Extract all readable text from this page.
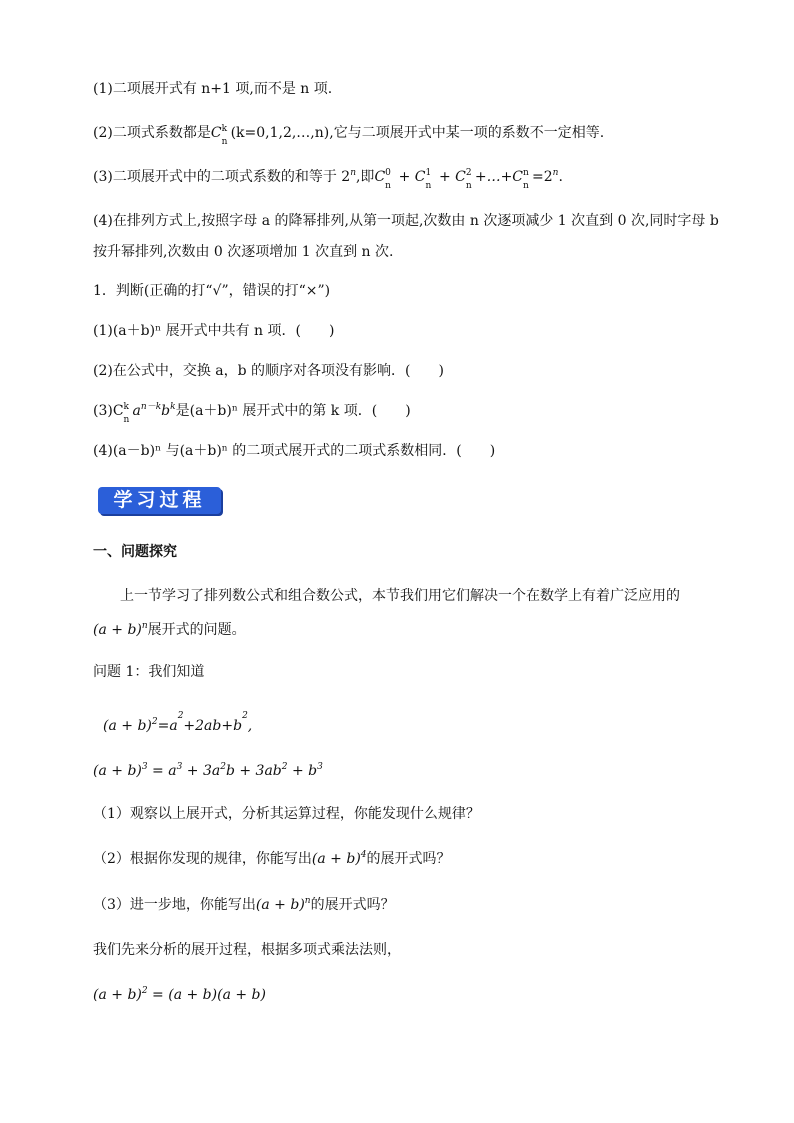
(1)二项展开式有 n+1 项,而不是 n 项.
(2)二项式系数都是C k
n
(k=0,1,2,…,n),它与二项展开式中某一项的系数不一定相等.
(3)二项展开式中的二项式系数的和等于 2$^n$,即C 0
n
+ C 1
n
+ C 2
n
+…+C n
n
$=2^n$.
(4)在排列方式上,按照字母 a 的降幂排列,从第一项起,次数由 n 次逐项减少 1 次直到 0 次,同时字母 b
按升幂排列,次数由 0 次逐项增加 1 次直到 n 次.
1．判断(正确的打“√”，错误的打“×”)
(1)(a＋b)ⁿ 展开式中共有 n 项．(　　)
(2)在公式中，交换 a，b 的顺序对各项没有影响．(　　)
(3)C k
n
$a^{n-k}b^k$是(a＋b)ⁿ 展开式中的第 k 项．(　　)
(4)(a－b)ⁿ 与(a＋b)ⁿ 的二项式展开式的二项式系数相同．(　　)
学习过程
一、问题探究
上一节学习了排列数公式和组合数公式，本节我们用它们解决一个在数学上有着广泛应用的
$(a + b)^n$展开式的问题。
问题 1：我们知道
$(a + b)^2=a^2+2ab+b^2$,
$(a + b)^3 = a^3 + 3a^2b + 3ab^2 + b^3$
（1）观察以上展开式，分析其运算过程，你能发现什么规律？
（2）根据你发现的规律，你能写出$(a + b)^4$的展开式吗？
（3）进一步地，你能写出$(a + b)^n$的展开式吗？
我们先来分析的展开过程，根据多项式乘法法则，
$(a + b)^2 = (a + b)(a + b)$
